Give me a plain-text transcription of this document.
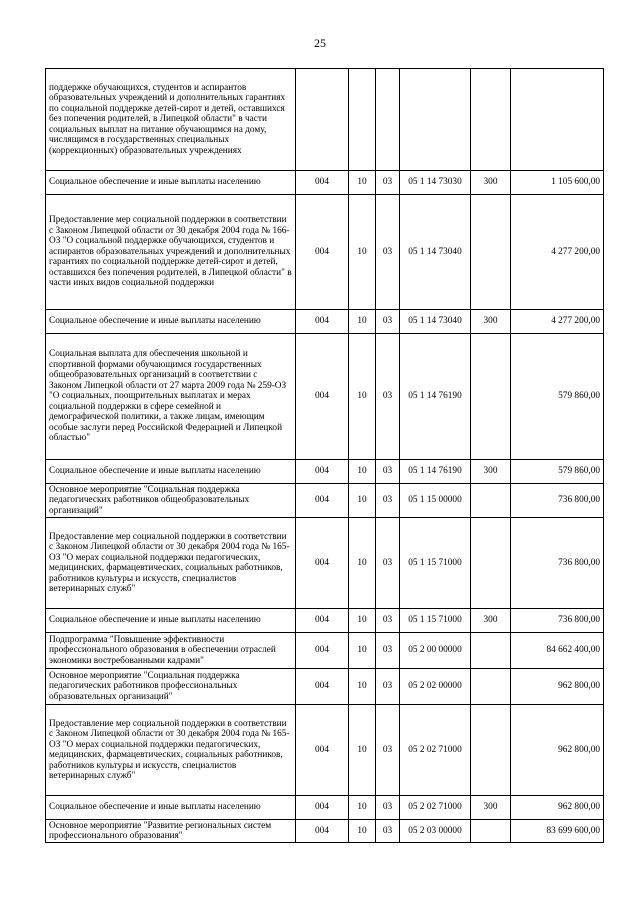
25
поддержке обучающихся, студентов и аспирантов образовательных учреждений и дополнительных гарантиях по социальной поддержке детей-сирот и детей, оставшихся без попечения родителей, в Липецкой области" в части социальных выплат на питание обучающимся на дому, числящимся в государственных специальных (коррекционных) образовательных учреждениях						
Социальное обеспечение и иные выплаты населению	004	10	03	05 1 14 73030	300	1 105 600,00
Предоставление мер социальной поддержки в соответствии с Законом Липецкой области от 30 декабря 2004 года № 166-ОЗ "О социальной поддержке обучающихся, студентов и аспирантов образовательных учреждений и дополнительных гарантиях по социальной поддержке детей-сирот и детей, оставшихся без попечения родителей, в Липецкой области" в части иных видов социальной поддержки	004	10	03	05 1 14 73040		4 277 200,00
Социальное обеспечение и иные выплаты населению	004	10	03	05 1 14 73040	300	4 277 200,00
Социальная выплата для обеспечения школьной и спортивной формами обучающимся государственных общеобразовательных организаций в соответствии с Законом Липецкой области от 27 марта 2009 года № 259-ОЗ "О социальных, поощрительных выплатах и мерах социальной поддержки в сфере семейной и демографической политики, а также лицам, имеющим особые заслуги перед Российской Федерацией и Липецкой областью"	004	10	03	05 1 14 76190		579 860,00
Социальное обеспечение и иные выплаты населению	004	10	03	05 1 14 76190	300	579 860,00
Основное мероприятие "Социальная поддержка педагогических работников общеобразовательных организаций"	004	10	03	05 1 15 00000		736 800,00
Предоставление мер социальной поддержки в соответствии с Законом Липецкой области от 30 декабря 2004 года № 165-ОЗ "О мерах социальной поддержки педагогических, медицинских, фармацевтических, социальных работников, работников культуры и искусств, специалистов ветеринарных служб"	004	10	03	05 1 15 71000		736 800,00
Социальное обеспечение и иные выплаты населению	004	10	03	05 1 15 71000	300	736 800,00
Подпрограмма "Повышение эффективности профессионального образования в обеспечении отраслей экономики востребованными кадрами"	004	10	03	05 2 00 00000		84 662 400,00
Основное мероприятие "Социальная поддержка педагогических работников профессиональных образовательных организаций"	004	10	03	05 2 02 00000		962 800,00
Предоставление мер социальной поддержки в соответствии с Законом Липецкой области от 30 декабря 2004 года № 165-ОЗ "О мерах социальной поддержки педагогических, медицинских, фармацевтических, социальных работников, работников культуры и искусств, специалистов ветеринарных служб"	004	10	03	05 2 02 71000		962 800,00
Социальное обеспечение и иные выплаты населению	004	10	03	05 2 02 71000	300	962 800,00
Основное мероприятие "Развитие региональных систем профессионального образования"	004	10	03	05 2 03 00000		83 699 600,00
